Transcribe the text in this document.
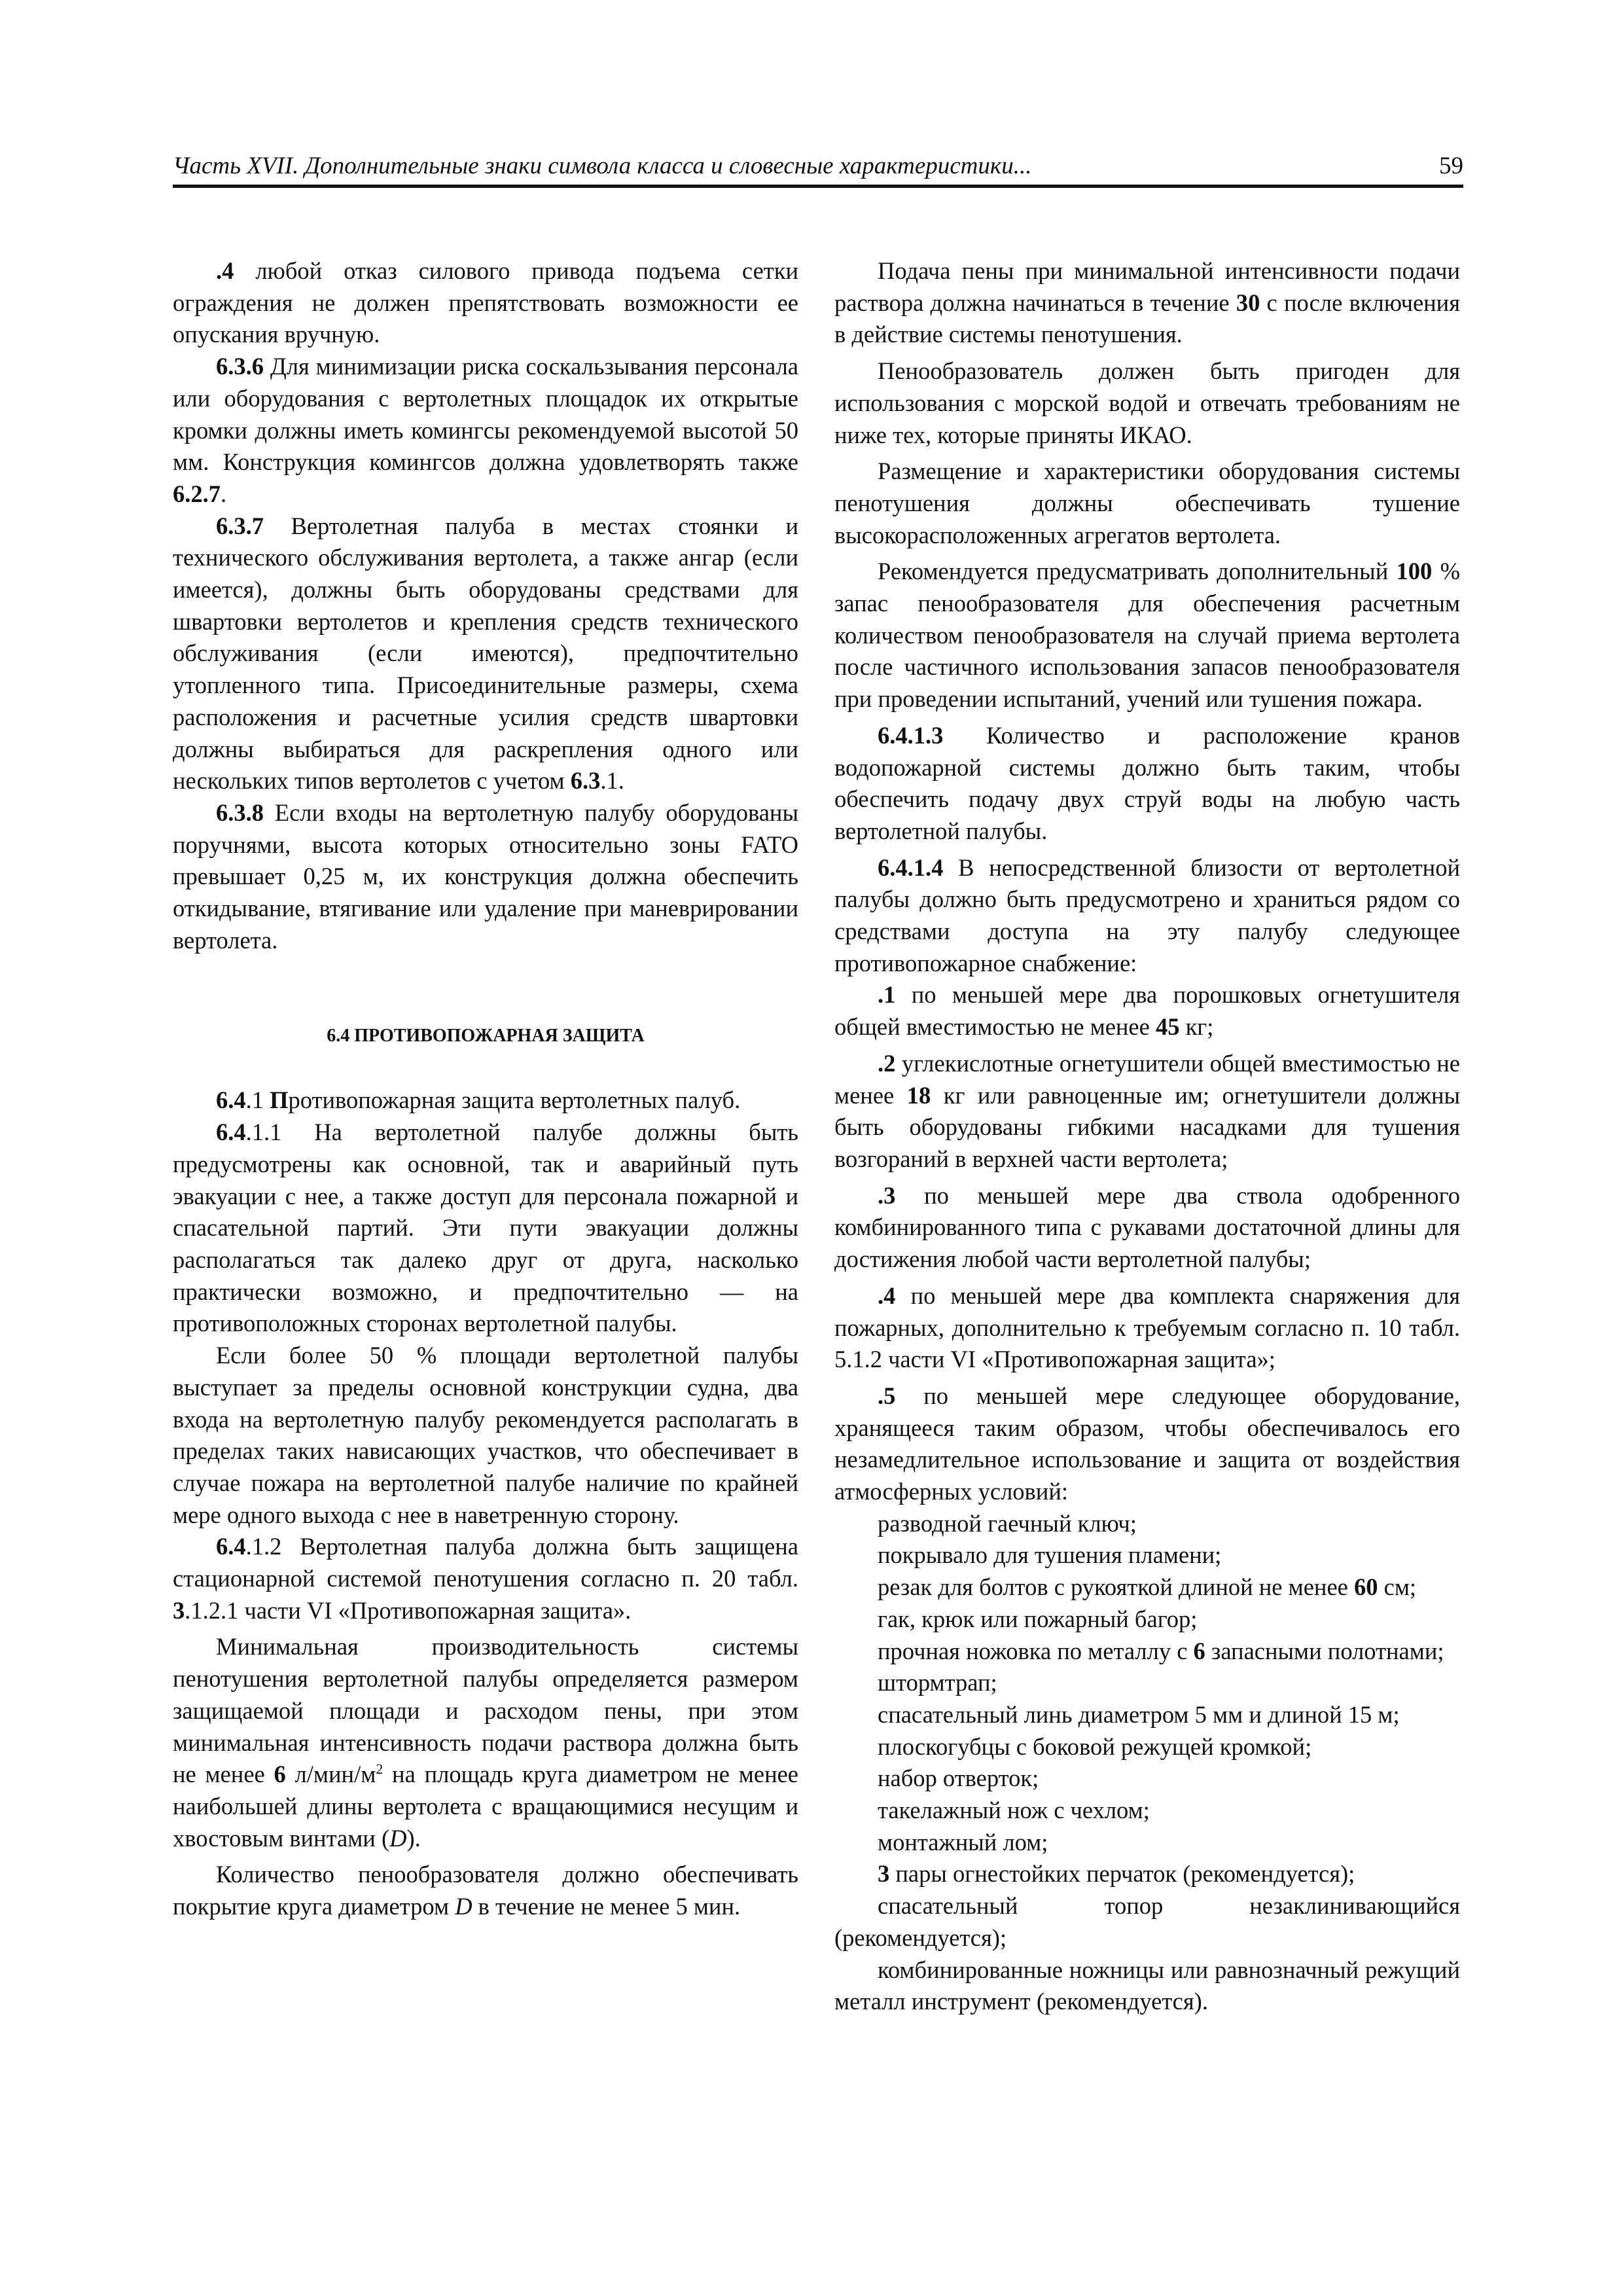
Часть XVII. Дополнительные знаки символа класса и словесные характеристики...	59

.4 любой отказ силового привода подъема сетки ограждения не должен препятствовать возможности ее опускания вручную.

6.3.6 Для минимизации риска соскальзывания персонала или оборудования с вертолетных площадок их открытые кромки должны иметь комингсы рекомендуемой высотой 50 мм. Конструкция комингсов должна удовлетворять также 6.2.7.

6.3.7 Вертолетная палуба в местах стоянки и технического обслуживания вертолета, а также ангар (если имеется), должны быть оборудованы средствами для швартовки вертолетов и крепления средств технического обслуживания (если имеются), предпочтительно утопленного типа. Присоединительные размеры, схема расположения и расчетные усилия средств швартовки должны выбираться для раскрепления одного или нескольких типов вертолетов с учетом 6.3.1.

6.3.8 Если входы на вертолетную палубу оборудованы поручнями, высота которых относительно зоны FATO превышает 0,25 м, их конструкция должна обеспечить откидывание, втягивание или удаление при маневрировании вертолета.

6.4 ПРОТИВОПОЖАРНАЯ ЗАЩИТА

6.4.1 Противопожарная защита вертолетных палуб.

6.4.1.1 На вертолетной палубе должны быть предусмотрены как основной, так и аварийный путь эвакуации с нее, а также доступ для персонала пожарной и спасательной партий. Эти пути эвакуации должны располагаться так далеко друг от друга, насколько практически возможно, и предпочтительно — на противоположных сторонах вертолетной палубы.

Если более 50 % площади вертолетной палубы выступает за пределы основной конструкции судна, два входа на вертолетную палубу рекомендуется располагать в пределах таких нависающих участков, что обеспечивает в случае пожара на вертолетной палубе наличие по крайней мере одного выхода с нее в наветренную сторону.

6.4.1.2 Вертолетная палуба должна быть защищена стационарной системой пенотушения согласно п. 20 табл. 3.1.2.1 части VI «Противопожарная защита».

Минимальная производительность системы пенотушения вертолетной палубы определяется размером защищаемой площади и расходом пены, при этом минимальная интенсивность подачи раствора должна быть не менее 6 $л/мин/м^2$ на площадь круга диаметром не менее наибольшей длины вертолета с вращающимися несущим и хвостовым винтами (D).

Количество пенообразователя должно обеспечивать покрытие круга диаметром D в течение не менее 5 мин.

Подача пены при минимальной интенсивности подачи раствора должна начинаться в течение 30 с после включения в действие системы пенотушения.

Пенообразователь должен быть пригоден для использования с морской водой и отвечать требованиям не ниже тех, которые приняты ИКАО.

Размещение и характеристики оборудования системы пенотушения должны обеспечивать тушение высокорасположенных агрегатов вертолета.

Рекомендуется предусматривать дополнительный 100 % запас пенообразователя для обеспечения расчетным количеством пенообразователя на случай приема вертолета после частичного использования запасов пенообразователя при проведении испытаний, учений или тушения пожара.

6.4.1.3 Количество и расположение кранов водопожарной системы должно быть таким, чтобы обеспечить подачу двух струй воды на любую часть вертолетной палубы.

6.4.1.4 В непосредственной близости от вертолетной палубы должно быть предусмотрено и храниться рядом со средствами доступа на эту палубу следующее противопожарное снабжение:

.1 по меньшей мере два порошковых огнетушителя общей вместимостью не менее 45 кг;

.2 углекислотные огнетушители общей вместимостью не менее 18 кг или равноценные им; огнетушители должны быть оборудованы гибкими насадками для тушения возгораний в верхней части вертолета;

.3 по меньшей мере два ствола одобренного комбинированного типа с рукавами достаточной длины для достижения любой части вертолетной палубы;

.4 по меньшей мере два комплекта снаряжения для пожарных, дополнительно к требуемым согласно п. 10 табл. 5.1.2 части VI «Противопожарная защита»;

.5 по меньшей мере следующее оборудование, хранящееся таким образом, чтобы обеспечивалось его незамедлительное использование и защита от воздействия атмосферных условий:

разводной гаечный ключ;

покрывало для тушения пламени;

резак для болтов с рукояткой длиной не менее 60 см;

гак, крюк или пожарный багор;

прочная ножовка по металлу с 6 запасными полотнами;

штормтрап;

спасательный линь диаметром 5 мм и длиной 15 м;

плоскогубцы с боковой режущей кромкой;

набор отверток;

такелажный нож с чехлом;

монтажный лом;

3 пары огнестойких перчаток (рекомендуется);

спасательный топор незаклинивающийся (рекомендуется);

комбинированные ножницы или равнозначный режущий металл инструмент (рекомендуется).
